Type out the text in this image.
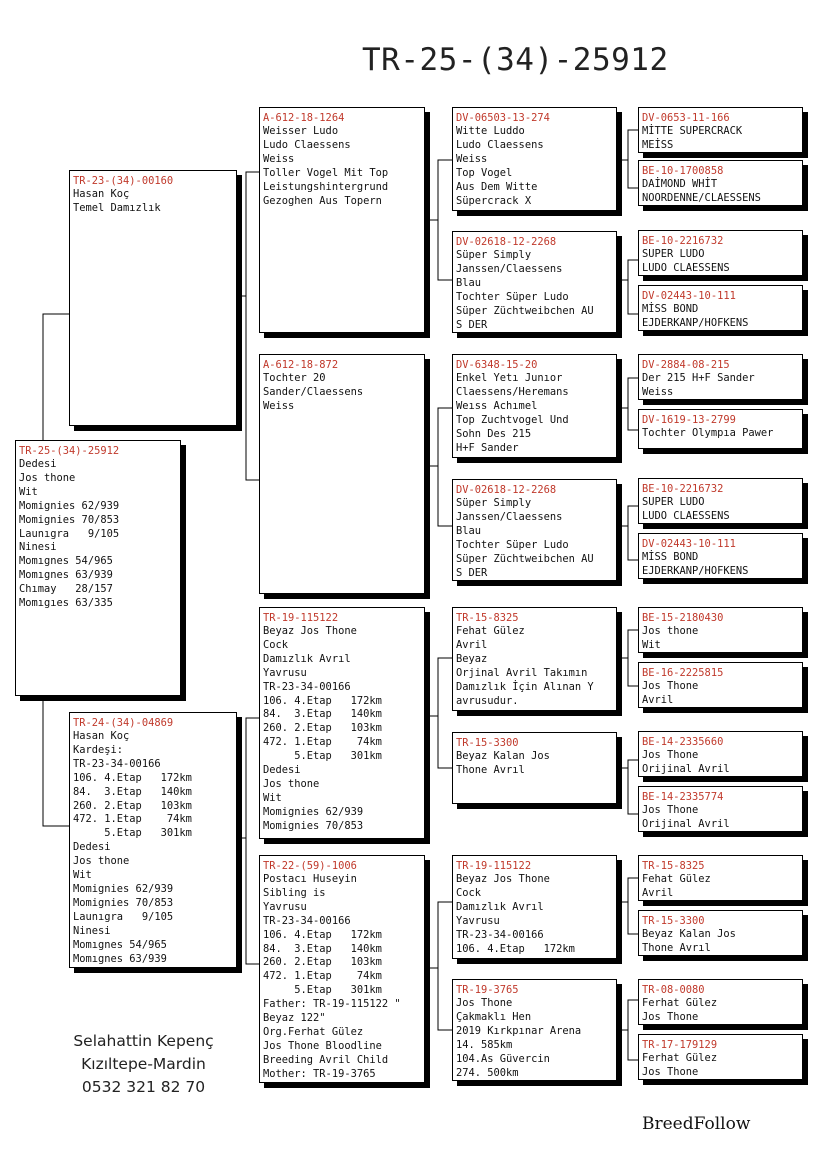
TR-25-(34)-25912
TR-25-(34)-25912
Dedesi
Jos thone
Wit
Momignies 62/939
Momignies 70/853
Launıgra   9/105
Ninesi
Momıgnes 54/965
Momıgnes 63/939
Chımay   28/157
Momıgıes 63/335
TR-23-(34)-00160
Hasan Koç
Temel Damızlık
TR-24-(34)-04869
Hasan Koç
Kardeşi:
TR-23-34-00166
106. 4.Etap   172km
84.  3.Etap   140km
260. 2.Etap   103km
472. 1.Etap    74km
5.Etap   301km
Dedesi
Jos thone
Wit
Momignies 62/939
Momignies 70/853
Launıgra   9/105
Ninesi
Momıgnes 54/965
Momıgnes 63/939
A-612-18-1264
Weisser Ludo
Ludo Claessens
Weiss
Toller Vogel Mit Top
Leistungshintergrund
Gezoghen Aus Topern
A-612-18-872
Tochter 20
Sander/Claessens
Weiss
TR-19-115122
Beyaz Jos Thone
Cock
Damızlık Avrıl
Yavrusu
TR-23-34-00166
106. 4.Etap   172km
84.  3.Etap   140km
260. 2.Etap   103km
472. 1.Etap    74km
5.Etap   301km
Dedesi
Jos thone
Wit
Momignies 62/939
Momignies 70/853
TR-22-(59)-1006
Postacı Huseyin
Sibling is
Yavrusu
TR-23-34-00166
106. 4.Etap   172km
84.  3.Etap   140km
260. 2.Etap   103km
472. 1.Etap    74km
5.Etap   301km
Father: TR-19-115122 "
Beyaz 122"
Org.Ferhat Gülez
Jos Thone Bloodline
Breeding Avril Child
Mother: TR-19-3765
DV-06503-13-274
Witte Luddo
Ludo Claessens
Weiss
Top Vogel
Aus Dem Witte
Süpercrack X
DV-02618-12-2268
Süper Simply
Janssen/Claessens
Blau
Tochter Süper Ludo
Süper Züchtweibchen AU
S DER
DV-6348-15-20
Enkel Yetı Junıor
Claessens/Heremans
Weıss Achımel
Top Zuchtvogel Und
Sohn Des 215
H+F Sander
DV-02618-12-2268
Süper Simply
Janssen/Claessens
Blau
Tochter Süper Ludo
Süper Züchtweibchen AU
S DER
TR-15-8325
Fehat Gülez
Avril
Beyaz
Orjinal Avril Takımın
Damızlık İçin Alınan Y
avrusudur.
TR-15-3300
Beyaz Kalan Jos
Thone Avrıl
TR-19-115122
Beyaz Jos Thone
Cock
Damızlık Avrıl
Yavrusu
TR-23-34-00166
106. 4.Etap   172km
TR-19-3765
Jos Thone
Çakmaklı Hen
2019 Kırkpınar Arena
14. 585km
104.As Güvercin
274. 500km
DV-0653-11-166
MİTTE SUPERCRACK
MEİSS
BE-10-1700858
DAİMOND WHİT
NOORDENNE/CLAESSENS
BE-10-2216732
SUPER LUDO
LUDO CLAESSENS
DV-02443-10-111
MİSS BOND
EJDERKANP/HOFKENS
DV-2884-08-215
Der 215 H+F Sander
Weiss
DV-1619-13-2799
Tochter Olympıa Pawer
BE-10-2216732
SUPER LUDO
LUDO CLAESSENS
DV-02443-10-111
MİSS BOND
EJDERKANP/HOFKENS
BE-15-2180430
Jos thone
Wit
BE-16-2225815
Jos Thone
Avril
BE-14-2335660
Jos Thone
Orijinal Avril
BE-14-2335774
Jos Thone
Orijinal Avril
TR-15-8325
Fehat Gülez
Avril
TR-15-3300
Beyaz Kalan Jos
Thone Avrıl
TR-08-0080
Ferhat Gülez
Jos Thone
TR-17-179129
Ferhat Gülez
Jos Thone
Selahattin Kepenç
Kızıltepe-Mardin
0532 321 82 70
BreedFollow
